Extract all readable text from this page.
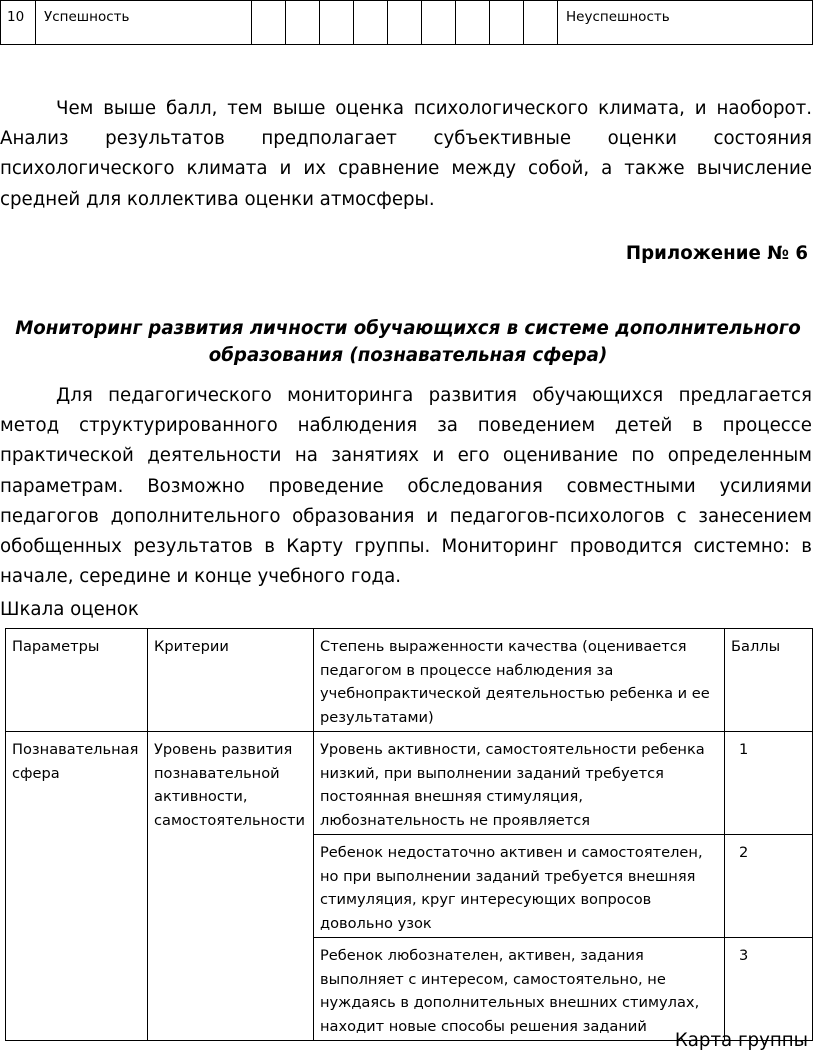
10	Успешность										Неуспешность
Чем выше балл, тем выше оценка психологического климата, и наоборот. Анализ результатов предполагает субъективные оценки состояния психологического климата и их сравнение между собой, а также вычисление средней для коллектива оценки атмосферы.
Приложение № 6
Мониторинг развития личности обучающихся в системе дополнительного
образования (познавательная сфера)
Для педагогического мониторинга развития обучающихся предлагается метод структурированного наблюдения за поведением детей в процессе практической деятельности на занятиях и его оценивание по определенным параметрам. Возможно проведение обследования совместными усилиями педагогов дополнительного образования и педагогов-психологов с занесением обобщенных результатов в Карту группы. Мониторинг проводится системно: в начале, середине и конце учебного года.
Шкала оценок
Параметры	Критерии	Степень выраженности качества (оценивается педагогом в процессе наблюдения за учебнопрактической деятельностью ребенка и ее результатами)	Баллы
Познавательная сфера	Уровень развития познавательной активности, самостоятельности	Уровень активности, самостоятельности ребенка низкий, при выполнении заданий требуется постоянная внешняя стимуляция, любознательность не проявляется	1
		Ребенок недостаточно активен и самостоятелен, но при выполнении заданий требуется внешняя стимуляция, круг интересующих вопросов довольно узок	2
		Ребенок любознателен, активен, задания выполняет с интересом, самостоятельно, не нуждаясь в дополнительных внешних стимулах, находит новые способы решения заданий	3
Карта группы
